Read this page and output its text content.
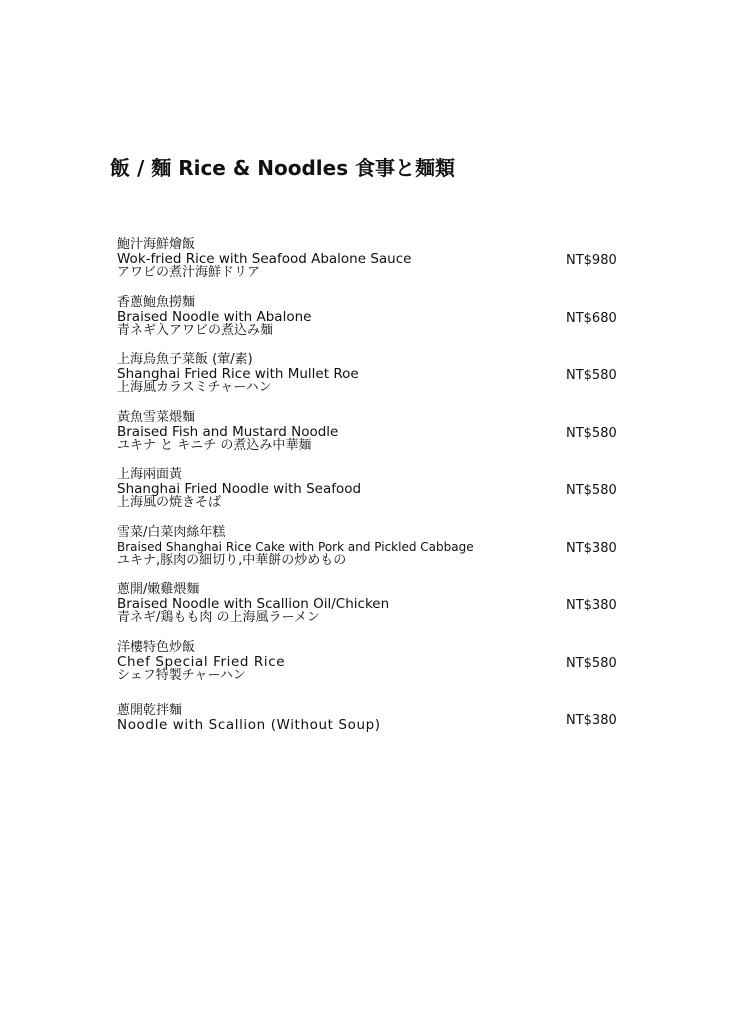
飯 / 麵 Rice & Noodles 食事と麺類
鮑汁海鮮燴飯
Wok-fried Rice with Seafood Abalone Sauce
アワビの煮汁海鮮ドリア
NT$980
香蔥鮑魚撈麵
Braised Noodle with Abalone
青ネギ入アワビの煮込み麺
NT$680
上海烏魚子菜飯 (葷/素)
Shanghai Fried Rice with Mullet Roe
上海風カラスミチャーハン
NT$580
黃魚雪菜煨麵
Braised Fish and Mustard Noodle
ユキナ と キニチ の煮込み中華麺
NT$580
上海兩面黃
Shanghai Fried Noodle with Seafood
上海風の焼きそば
NT$580
雪菜/白菜肉絲年糕
Braised Shanghai Rice Cake with Pork and Pickled Cabbage
ユキナ,豚肉の細切り,中華餅の炒めもの
NT$380
蔥開/嫩雞煨麵
Braised Noodle with Scallion Oil/Chicken
青ネギ/鶏もも肉 の上海風ラーメン
NT$380
洋樓特色炒飯
Chef Special Fried Rice
シェフ特製チャーハン
NT$580
蔥開乾拌麵
Noodle with Scallion (Without Soup)	NT$380
